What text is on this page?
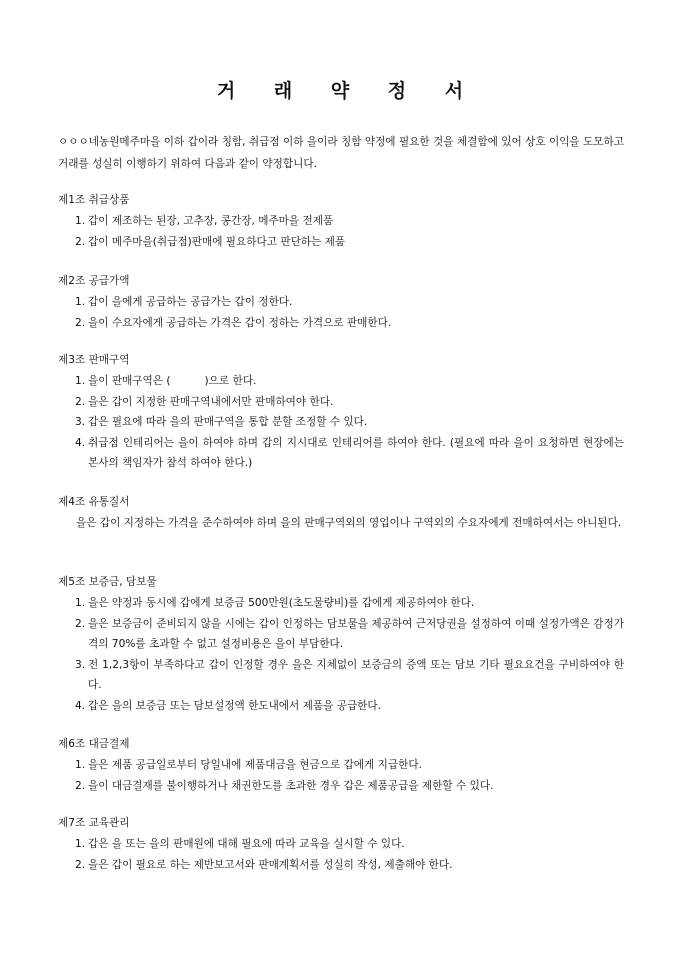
거 래 약 정 서
ㅇㅇㅇ네농원메주마을 이하 갑이라 칭함, 취급점 이하 을이라 칭함 약정에 필요한 것을 체결함에 있어 상호 이익을 도모하고 거래를 성실히 이행하기 위하여 다음과 같이 약정합니다.
제1조 취급상품
1. 갑이 제조하는 된장, 고추장, 콩간장, 메주마을 전제품
2. 갑이 메주마을(취급점)판매에 필요하다고 판단하는 제품
제2조 공급가액
1. 갑이 을에게 공급하는 공급가는 갑이 정한다.
2. 을이 수요자에게 공급하는 가격은 갑이 정하는 가격으로 판매한다.
제3조 판매구역
1. 을이 판매구역은 (	)으로 한다.
2. 을은 갑이 지정한 판매구역내에서만 판매하여야 한다.
3. 갑은 필요에 따라 을의 판매구역을 통합 분할 조정할 수 있다.
4. 취급점 인테리어는 을이 하여야 하며 갑의 지시대로 인테리어를 하여야 한다. (필요에 따라 을이 요청하면 현장에는 본사의 책임자가 참석 하여야 한다.)
제4조 유통질서
을은 갑이 지정하는 가격을 준수하여야 하며 을의 판매구역외의 영업이나 구역외의 수요자에게 전매하여서는 아니된다.
제5조 보증금, 담보물
1. 을은 약정과 동시에 갑에게 보증금 500만원(초도물량비)를 갑에게 제공하여야 한다.
2. 을은 보증금이 준비되지 않을 시에는 갑이 인정하는 담보물을 제공하여 근저당권을 설정하여 이때 설정가액은 감정가격의 70%를 초과할 수 없고 설정비용은 을이 부담한다.
3. 전 1,2,3항이 부족하다고 갑이 인정할 경우 을은 지체없이 보증금의 증액 또는 담보 기타 필요요건을 구비하여야 한다.
4. 갑은 을의 보증금 또는 담보설정액 한도내에서 제품을 공급한다.
제6조 대금결제
1. 을은 제품 공급일로부터 당일내에 제품대금을 현금으로 갑에게 지급한다.
2. 을이 대금결재를 불이행하거나 채권한도를 초과한 경우 갑은 제품공급을 제한할 수 있다.
제7조 교육관리
1. 갑은 을 또는 을의 판매원에 대해 필요에 따라 교육을 실시할 수 있다.
2. 을은 갑이 필요로 하는 제반보고서와 판매계획서를 성실히 작성, 제출해야 한다.
